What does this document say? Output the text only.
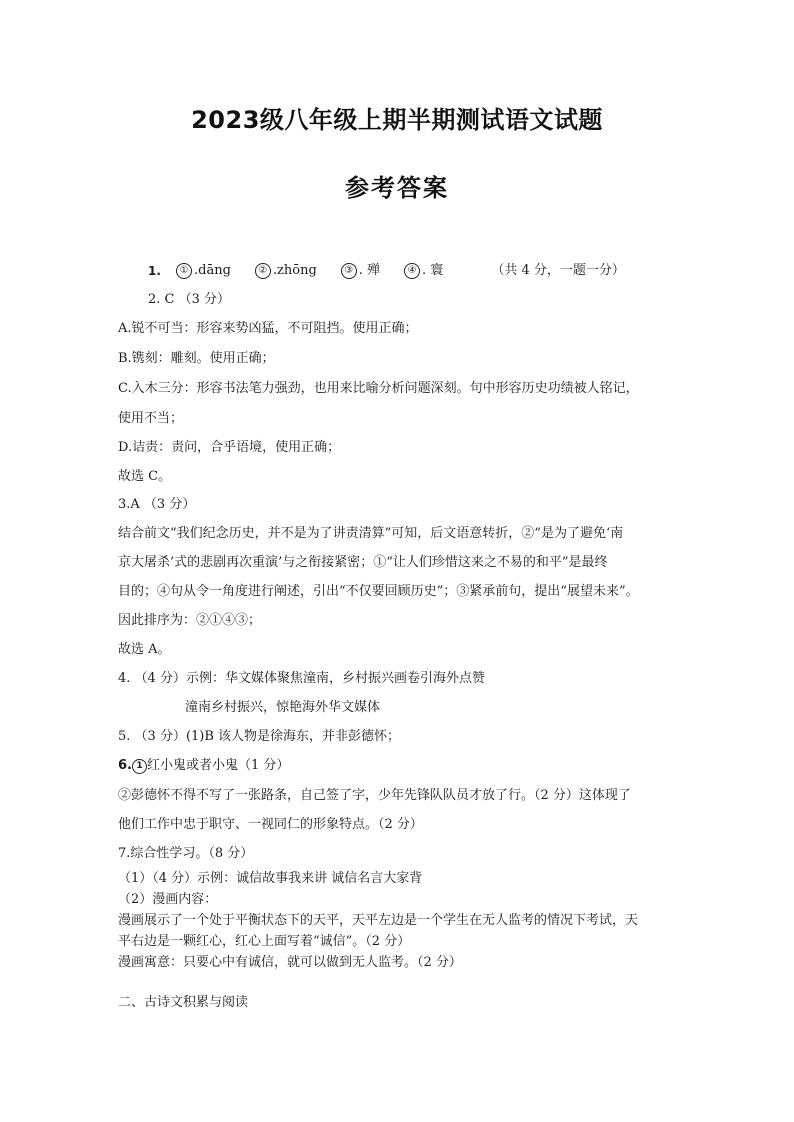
2023级八年级上期半期测试语文试题
参考答案
1.	① .dāng	② .zhōng	③ . 殚	④ . 寰	（共 4 分，一题一分）

2. C （3 分）

A.锐不可当：形容来势凶猛，不可阻挡。使用正确；

B.镌刻：雕刻。使用正确；

C.入木三分：形容书法笔力强劲，也用来比喻分析问题深刻。句中形容历史功绩被人铭记，

使用不当；

D.诘责：责问，合乎语境，使用正确；

故选 C。

3.A （3 分）

结合前文“我们纪念历史，并不是为了讲责清算”可知，后文语意转折，②“是为了避免‘南

京大屠杀’式的悲剧再次重演’与之衔接紧密；①“让人们珍惜这来之不易的和平”是最终

目的；④句从令一角度进行阐述，引出“不仅要回顾历史”；③紧承前句，提出“展望未来”。

因此排序为：②①④③；

故选 A。

4. （4 分）示例：华文媒体聚焦潼南，乡村振兴画卷引海外点赞

潼南乡村振兴，惊艳海外华文媒体

5. （3 分）(1)B 该人物是徐海东，并非彭德怀；

6. 1 红小鬼或者小鬼（1 分）

②彭德怀不得不写了一张路条，自己签了字，少年先锋队队员才放了行。（2 分）这体现了

他们工作中忠于职守、一视同仁的形象特点。（2 分）

7.综合性学习。（8 分）

（1）（4 分）示例：诚信故事我来讲 诚信名言大家背

（2）漫画内容：

漫画展示了一个处于平衡状态下的天平，天平左边是一个学生在无人监考的情况下考试，天

平右边是一颗红心，红心上面写着“诚信”。（2 分）

漫画寓意：只要心中有诚信，就可以做到无人监考。（2 分）

二、古诗文积累与阅读
